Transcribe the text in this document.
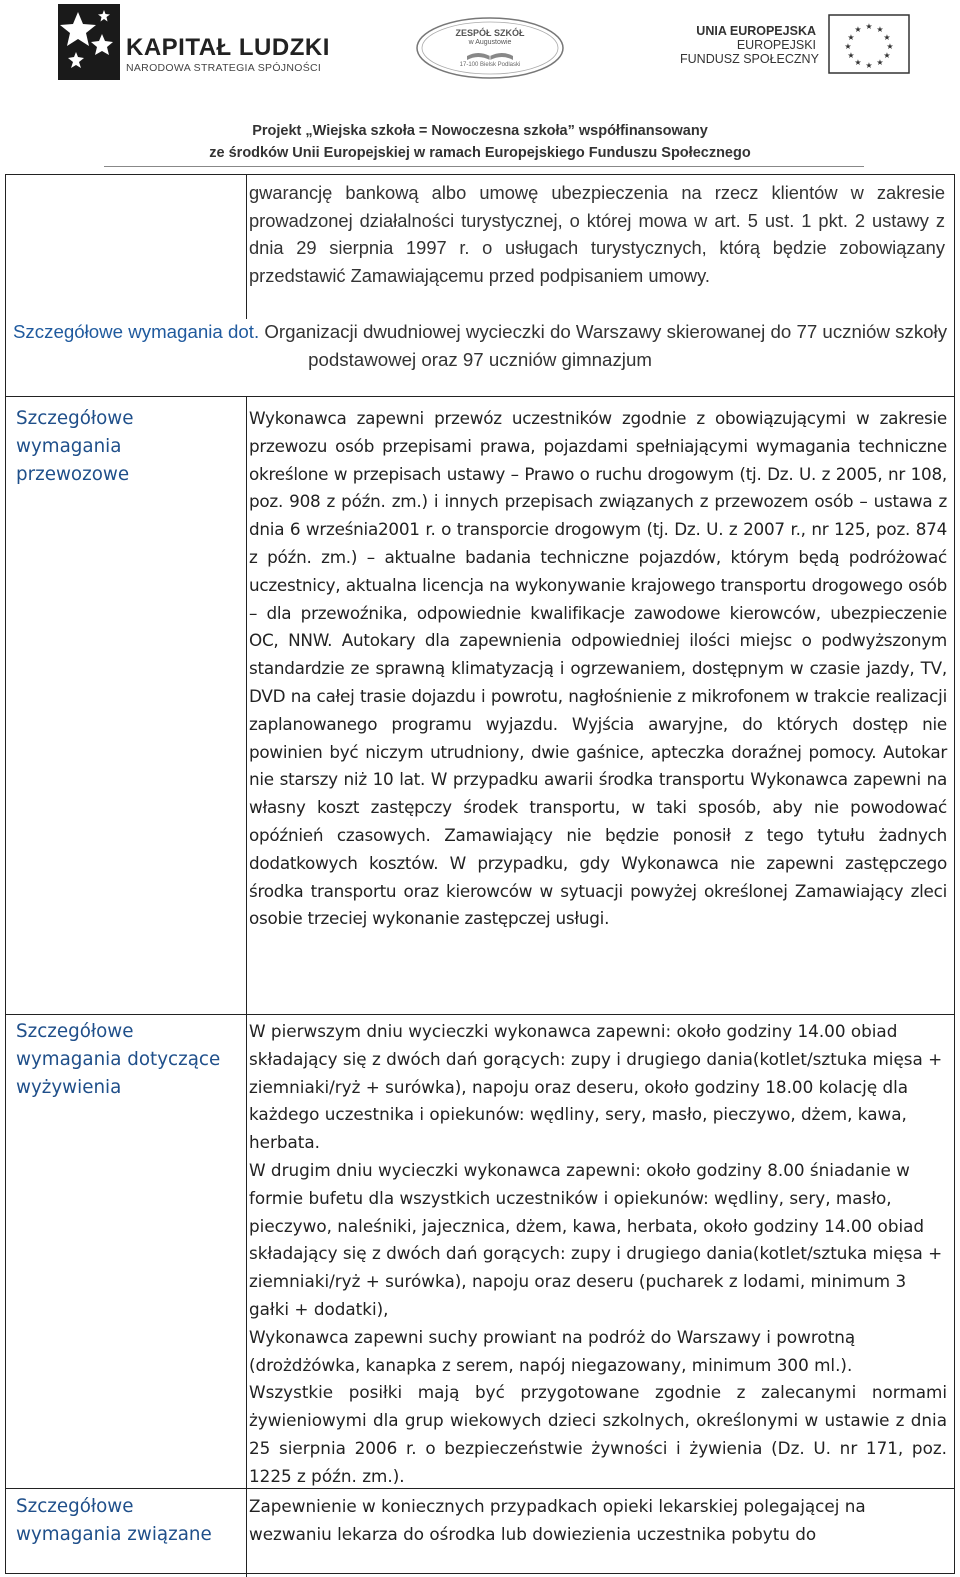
KAPITAŁ LUDZKI
NARODOWA STRATEGIA SPÓJNOŚCI
ZESPÓŁ SZKÓŁ
w Augustowie
17-100 Bielsk Podlaski
UNIA EUROPEJSKA
EUROPEJSKI
FUNDUSZ SPOŁECZNY
★ ★
★
★
★
★
★
★
★
★
★
★
Projekt „Wiejska szkoła = Nowoczesna szkoła” współfinansowany
ze środków Unii Europejskiej w ramach Europejskiego Funduszu Społecznego

gwarancję bankową albo umowę ubezpieczenia na rzecz klientów w zakresie prowadzonej działalności turystycznej, o której mowa w art. 5 ust. 1 pkt. 2 ustawy z dnia 29 sierpnia 1997 r. o usługach turystycznych, którą będzie zobowiązany przedstawić Zamawiającemu przed podpisaniem umowy.

Szczegółowe wymagania dot. Organizacji dwudniowej wycieczki do Warszawy skierowanej do 77 uczniów szkoły podstawowej oraz 97 uczniów gimnazjum

Szczegółowe wymagania przewozowe

Wykonawca zapewni przewóz uczestników zgodnie z obowiązującymi w zakresie przewozu osób przepisami prawa, pojazdami spełniającymi wymagania techniczne określone w przepisach ustawy – Prawo o ruchu drogowym (tj. Dz. U. z 2005, nr 108, poz. 908 z późn. zm.) i innych przepisach związanych z przewozem osób – ustawa z dnia 6 września2001 r. o transporcie drogowym (tj. Dz. U. z 2007 r., nr 125, poz. 874 z późn. zm.) – aktualne badania techniczne pojazdów, którym będą podróżować uczestnicy, aktualna licencja na wykonywanie krajowego transportu drogowego osób – dla przewoźnika, odpowiednie kwalifikacje zawodowe kierowców, ubezpieczenie OC, NNW. Autokary dla zapewnienia odpowiedniej ilości miejsc o podwyższonym standardzie ze sprawną klimatyzacją i ogrzewaniem, dostępnym w czasie jazdy, TV, DVD na całej trasie dojazdu i powrotu, nagłośnienie z mikrofonem w trakcie realizacji zaplanowanego programu wyjazdu. Wyjścia awaryjne, do których dostęp nie powinien być niczym utrudniony, dwie gaśnice, apteczka doraźnej pomocy. Autokar nie starszy niż 10 lat. W przypadku awarii środka transportu Wykonawca zapewni na własny koszt zastępczy środek transportu, w taki sposób, aby nie powodować opóźnień czasowych. Zamawiający nie będzie ponosił z tego tytułu żadnych dodatkowych kosztów. W przypadku, gdy Wykonawca nie zapewni zastępczego środka transportu oraz kierowców w sytuacji powyżej określonej Zamawiający zleci osobie trzeciej wykonanie zastępczej usługi.

Szczegółowe wymagania dotyczące wyżywienia

W pierwszym dniu wycieczki wykonawca zapewni: około godziny 14.00 obiad składający się z dwóch dań gorących: zupy i drugiego dania(kotlet/sztuka mięsa + ziemniaki/ryż + surówka), napoju oraz deseru, około godziny 18.00 kolację dla każdego uczestnika i opiekunów: wędliny, sery, masło, pieczywo, dżem, kawa, herbata.

W drugim dniu wycieczki wykonawca zapewni: około godziny 8.00 śniadanie w formie bufetu dla wszystkich uczestników i opiekunów: wędliny, sery, masło, pieczywo, naleśniki, jajecznica, dżem, kawa, herbata, około godziny 14.00 obiad składający się z dwóch dań gorących: zupy i drugiego dania(kotlet/sztuka mięsa + ziemniaki/ryż + surówka), napoju oraz deseru (pucharek z lodami, minimum 3 gałki + dodatki),

Wykonawca zapewni suchy prowiant na podróż do Warszawy i powrotną (drożdżówka, kanapka z serem, napój niegazowany, minimum 300 ml.).

Wszystkie posiłki mają być przygotowane zgodnie z zalecanymi normami żywieniowymi dla grup wiekowych dzieci szkolnych, określonymi w ustawie z dnia 25 sierpnia 2006 r. o bezpieczeństwie żywności i żywienia (Dz. U. nr 171, poz. 1225 z późn. zm.).

Szczegółowe wymagania związane

Zapewnienie w koniecznych przypadkach opieki lekarskiej polegającej na wezwaniu lekarza do ośrodka lub dowiezienia uczestnika pobytu do
